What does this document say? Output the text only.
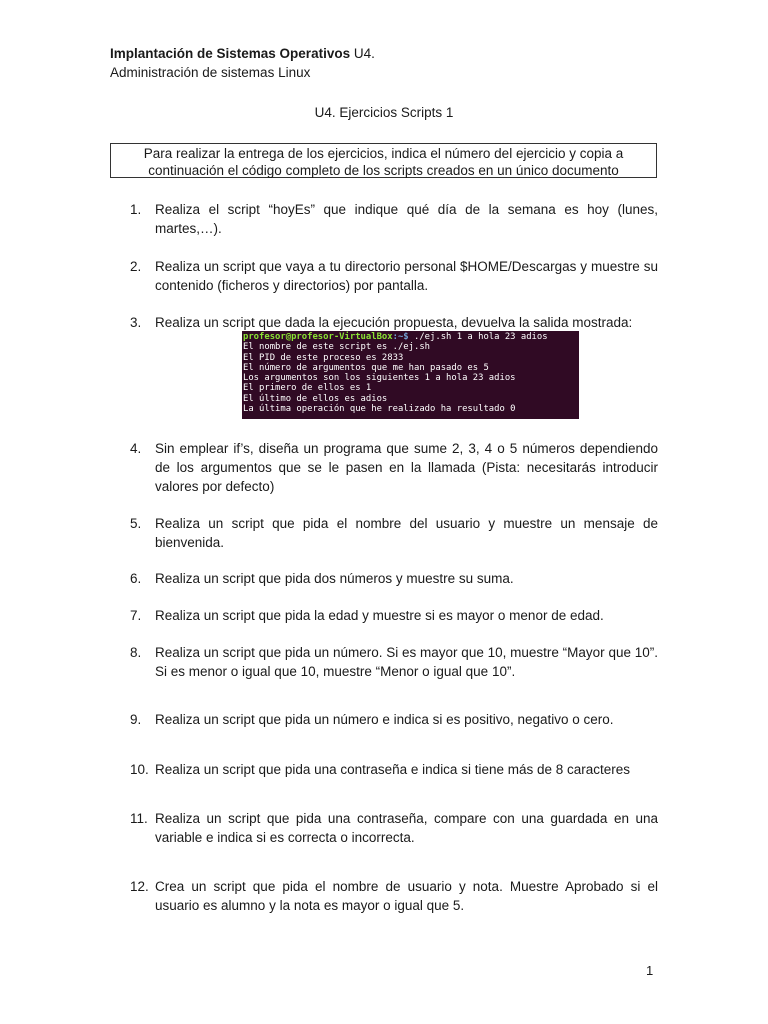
Implantación de Sistemas Operativos U4.
Administración de sistemas Linux
U4. Ejercicios Scripts 1
Para realizar la entrega de los ejercicios, indica el número del ejercicio y copia a
continuación el código completo de los scripts creados en un único documento
1. Realiza el script “hoyEs” que indique qué día de la semana es hoy (lunes, martes,…).
2. Realiza un script que vaya a tu directorio personal $HOME/Descargas y muestre su contenido (ficheros y directorios) por pantalla.
3. Realiza un script que dada la ejecución propuesta, devuelva la salida mostrada:
profesor@profesor-VirtualBox:~$ ./ej.sh 1 a hola 23 adios
El nombre de este script es ./ej.sh
El PID de este proceso es 2833
El número de argumentos que me han pasado es 5
Los argumentos son los siguientes 1 a hola 23 adios
El primero de ellos es 1
El último de ellos es adios
La última operación que he realizado ha resultado 0
4. Sin emplear if’s, diseña un programa que sume 2, 3, 4 o 5 números dependiendo de los argumentos que se le pasen en la llamada (Pista: necesitarás introducir valores por defecto)
5. Realiza un script que pida el nombre del usuario y muestre un mensaje de bienvenida.
6. Realiza un script que pida dos números y muestre su suma.
7. Realiza un script que pida la edad y muestre si es mayor o menor de edad.
8. Realiza un script que pida un número. Si es mayor que 10, muestre “Mayor que 10”. Si es menor o igual que 10, muestre “Menor o igual que 10”.
9. Realiza un script que pida un número e indica si es positivo, negativo o cero.
10. Realiza un script que pida una contraseña e indica si tiene más de 8 caracteres
11. Realiza un script que pida una contraseña, compare con una guardada en una variable e indica si es correcta o incorrecta.
12. Crea un script que pida el nombre de usuario y nota. Muestre Aprobado si el usuario es alumno y la nota es mayor o igual que 5.
1
